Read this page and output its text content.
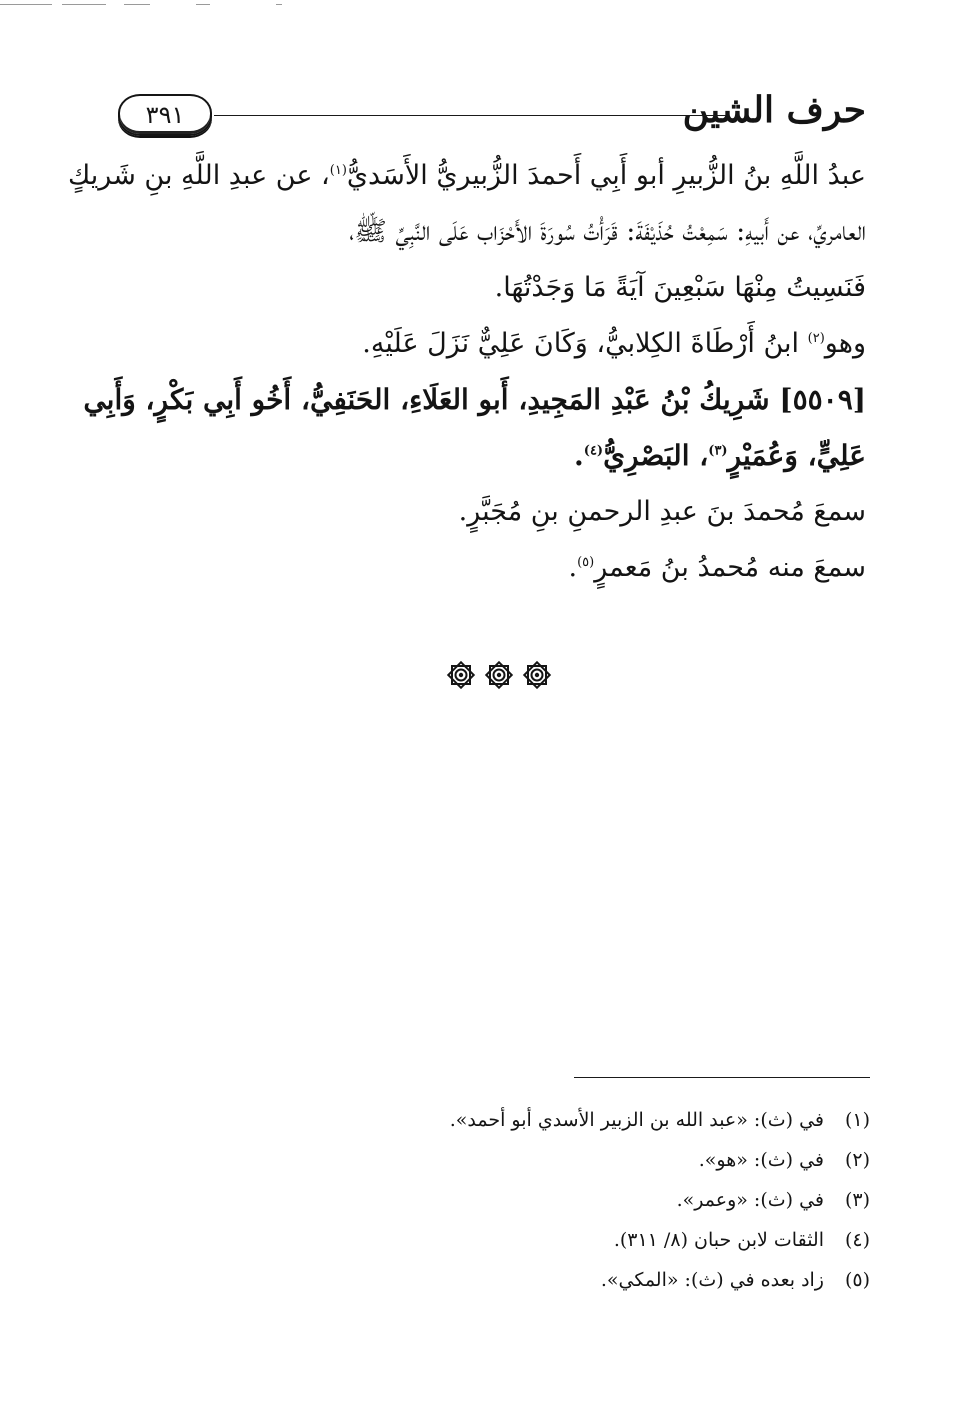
حرف الشين
٣٩١
عبدُ اللَّهِ بنُ الزُّبيرِ أبو أَبِي أَحمدَ الزُّبيريُّ الأَسَديُّ$^{(١)}$، عن عبدِ اللَّهِ بنِ شَريكٍ
العامريِّ، عن أَبيهِ: سَمِعْتُ حُذَيْفَةَ: قَرَأْتُ سُورَةَ الأَحْزَاب عَلَى النَّبِيِّ ﷺ،
فَنَسِيتُ مِنْهَا سَبْعِينَ آيَةً مَا وَجَدْتُهَا.
وهو$^{(٢)}$ ابنُ أَرْطَاةَ الكِلابيُّ، وَكَانَ عَلِيٌّ نَزَلَ عَلَيْهِ.
[٥٥٠٩] شَرِيكُ بْنُ عَبْدِ المَجِيدِ، أَبو العَلَاءِ، الحَنَفِيُّ، أَخُو أَبِي بَكْرٍ، وَأَبِي
عَلِيٍّ، وَعُمَيْرٍ$^{(٣)}$، البَصْرِيُّ$^{(٤)}$.
سمعَ مُحمدَ بنَ عبدِ الرحمنِ بنِ مُجَبَّرٍ.
سمعَ منه مُحمدُ بنُ مَعمرٍ$^{(٥)}$.
(١)
في (ث): «عبد الله بن الزبير الأسدي أبو أحمد».
(٢)
في (ث): «هو».
(٣)
في (ث): «وعمر».
(٤)
الثقات لابن حبان (٨/ ٣١١).
(٥)
زاد بعده في (ث): «المكي».
